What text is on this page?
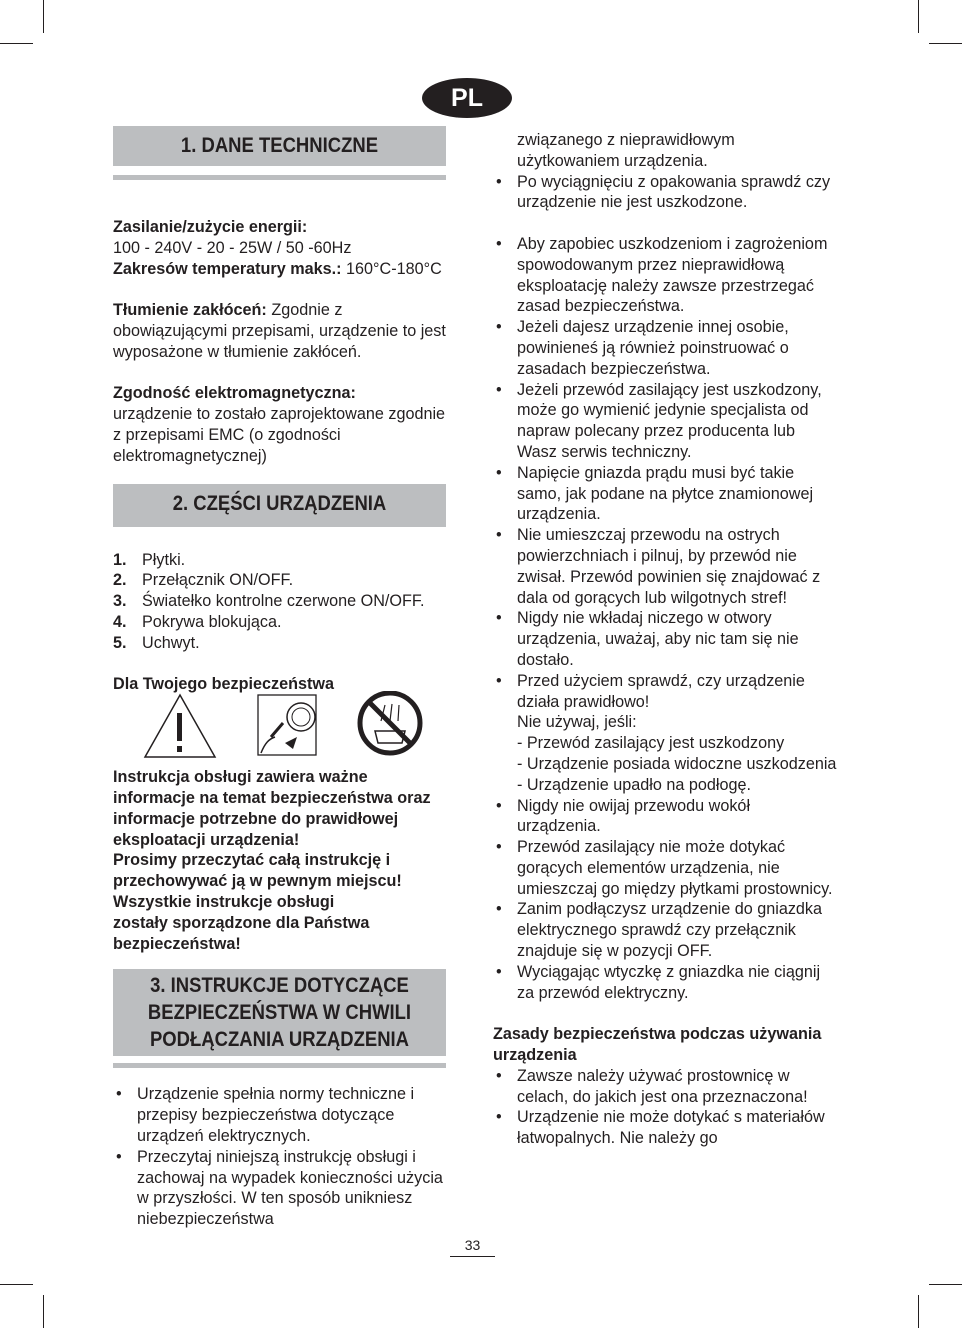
PL
1. DANE TECHNICZNE

Zasilanie/zużycie energii:

100 - 240V - 20 - 25W / 50 -60Hz

Zakresów temperatury maks.: 160°C-180°C

Tłumienie zakłóceń: Zgodnie z obowiązującymi przepisami, urządzenie to jest wyposażone w tłumienie zakłóceń.

Zgodność elektromagnetyczna:

urządzenie to zostało zaprojektowane zgodnie z przepisami EMC (o zgodności elektromagnetycznej)

2. CZĘŚCI URZĄDZENIA
1. Płytki.
2. Przełącznik ON/OFF.
3. Światełko kontrolne czerwone ON/OFF.
4. Pokrywa blokująca.
5. Uchwyt.

Dla Twojego bezpieczeństwa

Instrukcja obsługi zawiera ważne informacje na temat bezpieczeństwa oraz informacje potrzebne do prawidłowej eksploatacji urządzenia!

Prosimy przeczytać całą instrukcję i przechowywać ją w pewnym miejscu! Wszystkie instrukcje obsługi

zostały sporządzone dla Państwa bezpieczeństwa!

3. INSTRUKCJE DOTYCZĄCE
BEZPIECZEŃSTWA W CHWILI
PODŁĄCZANIA URZĄDZENIA
• Urządzenie spełnia normy techniczne i przepisy bezpieczeństwa dotyczące urządzeń elektrycznych.
• Przeczytaj niniejszą instrukcję obsługi i zachowaj na wypadek konieczności użycia w przyszłości. W ten sposób unikniesz niebezpieczeństwa

związanego z nieprawidłowym użytkowaniem urządzenia.

• Po wyciągnięciu z opakowania sprawdź czy urządzenie nie jest uszkodzone.
• Aby zapobiec uszkodzeniom i zagrożeniom spowodowanym przez nieprawidłową eksploatację należy zawsze przestrzegać zasad bezpieczeństwa.
• Jeżeli dajesz urządzenie innej osobie, powinieneś ją również poinstruować o zasadach bezpieczeństwa.
• Jeżeli przewód zasilający jest uszkodzony, może go wymienić jedynie specjalista od napraw polecany przez producenta lub Wasz serwis techniczny.
• Napięcie gniazda prądu musi być takie samo, jak podane na płytce znamionowej urządzenia.
• Nie umieszczaj przewodu na ostrych powierzchniach i pilnuj, by przewód nie zwisał. Przewód powinien się znajdować z dala od gorących lub wilgotnych stref!
• Nigdy nie wkładaj niczego w otwory urządzenia, uważaj, aby nic tam się nie dostało.
• Przed użyciem sprawdź, czy urządzenie działa prawidłowo!
Nie używaj, jeśli:
- Przewód zasilający jest uszkodzony
- Urządzenie posiada widoczne uszkodzenia
- Urządzenie upadło na podłogę.
• Nigdy nie owijaj przewodu wokół urządzenia.
• Przewód zasilający nie może dotykać gorących elementów urządzenia, nie umieszczaj go między płytkami prostownicy.
• Zanim podłączysz urządzenie do gniazdka elektrycznego sprawdź czy przełącznik znajduje się w pozycji OFF.
• Wyciągając wtyczkę z gniazdka nie ciągnij za przewód elektryczny.

Zasady bezpieczeństwa podczas używania urządzenia

• Zawsze należy używać prostownicę w celach, do jakich jest ona przeznaczona!
• Urządzenie nie może dotykać s materiałów łatwopalnych. Nie należy go
33
